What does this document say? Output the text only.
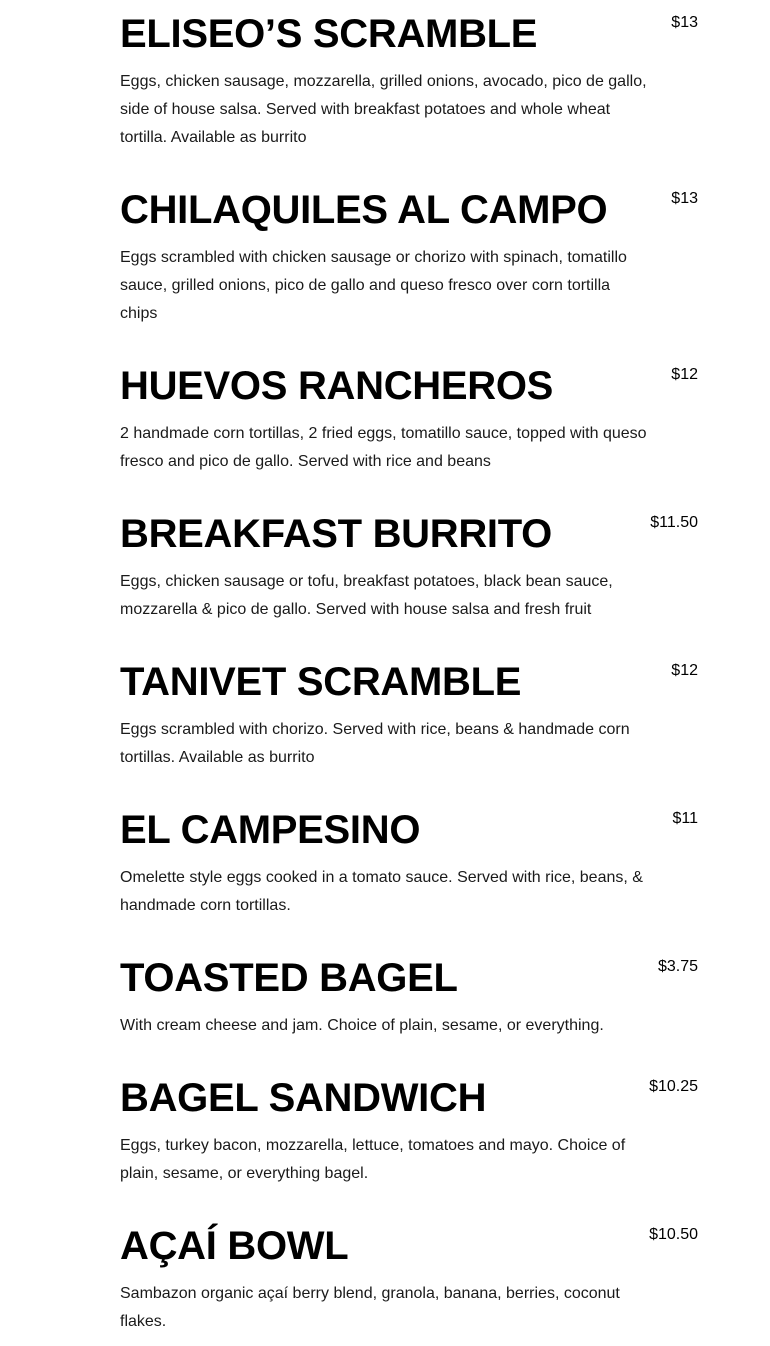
ELISEO’S SCRAMBLE	$13

Eggs, chicken sausage, mozzarella, grilled onions, avocado, pico de gallo, side of house salsa. Served with breakfast potatoes and whole wheat tortilla. Available as burrito

CHILAQUILES AL CAMPO	$13

Eggs scrambled with chicken sausage or chorizo with spinach, tomatillo sauce, grilled onions, pico de gallo and queso fresco over corn tortilla chips

HUEVOS RANCHEROS	$12

2 handmade corn tortillas, 2 fried eggs, tomatillo sauce, topped with queso fresco and pico de gallo. Served with rice and beans

BREAKFAST BURRITO	$11.50

Eggs, chicken sausage or tofu, breakfast potatoes, black bean sauce, mozzarella & pico de gallo. Served with house salsa and fresh fruit

TANIVET SCRAMBLE	$12

Eggs scrambled with chorizo. Served with rice, beans & handmade corn tortillas. Available as burrito

EL CAMPESINO	$11

Omelette style eggs cooked in a tomato sauce. Served with rice, beans, & handmade corn tortillas.

TOASTED BAGEL	$3.75

With cream cheese and jam. Choice of plain, sesame, or everything.

BAGEL SANDWICH	$10.25

Eggs, turkey bacon, mozzarella, lettuce, tomatoes and mayo. Choice of plain, sesame, or everything bagel.

AÇAÍ BOWL	$10.50

Sambazon organic açaí berry blend, granola, banana, berries, coconut flakes.
